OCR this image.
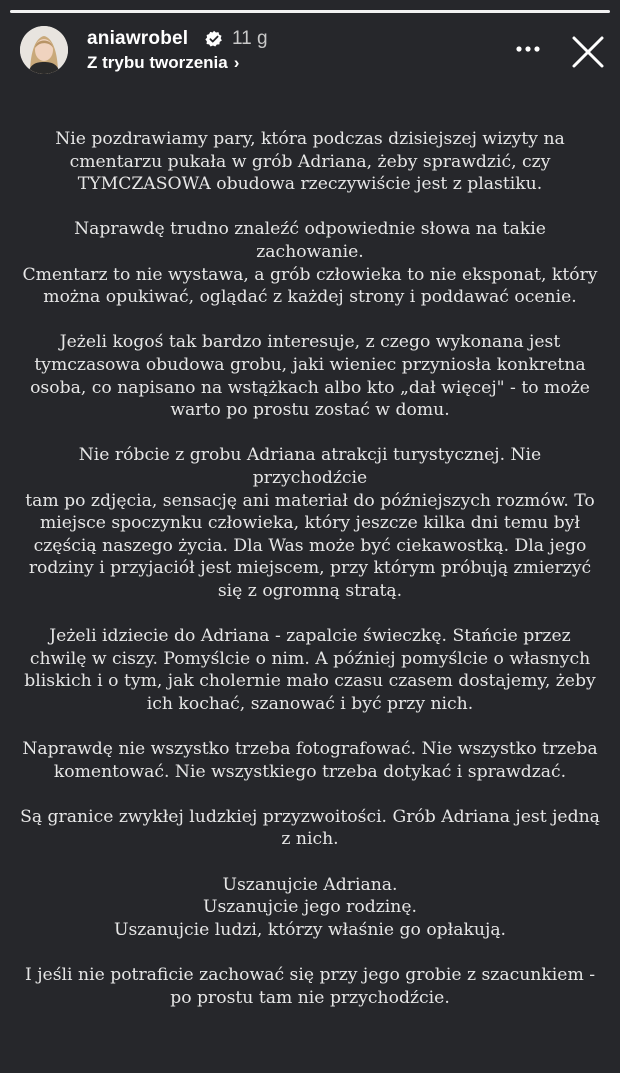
aniawrobel 11 g
Z trybu tworzenia ›

Nie pozdrawiamy pary, która podczas dzisiejszej wizyty na
cmentarzu pukała w grób Adriana, żeby sprawdzić, czy
TYMCZASOWA obudowa rzeczywiście jest z plastiku.

Naprawdę trudno znaleźć odpowiednie słowa na takie zachowanie.
Cmentarz to nie wystawa, a grób człowieka to nie eksponat, który
można opukiwać, oglądać z każdej strony i poddawać ocenie.

Jeżeli kogoś tak bardzo interesuje, z czego wykonana jest
tymczasowa obudowa grobu, jaki wieniec przyniosła konkretna
osoba, co napisano na wstążkach albo kto „dał więcej" - to może
warto po prostu zostać w domu.

Nie róbcie z grobu Adriana atrakcji turystycznej. Nie przychodźcie
tam po zdjęcia, sensację ani materiał do późniejszych rozmów. To
miejsce spoczynku człowieka, który jeszcze kilka dni temu był
częścią naszego życia. Dla Was może być ciekawostką. Dla jego
rodziny i przyjaciół jest miejscem, przy którym próbują zmierzyć
się z ogromną stratą.

Jeżeli idziecie do Adriana - zapalcie świeczkę. Stańcie przez
chwilę w ciszy. Pomyślcie o nim. A później pomyślcie o własnych
bliskich i o tym, jak cholernie mało czasu czasem dostajemy, żeby
ich kochać, szanować i być przy nich.

Naprawdę nie wszystko trzeba fotografować. Nie wszystko trzeba
komentować. Nie wszystkiego trzeba dotykać i sprawdzać.

Są granice zwykłej ludzkiej przyzwoitości. Grób Adriana jest jedną
z nich.

Uszanujcie Adriana.
Uszanujcie jego rodzinę.
Uszanujcie ludzi, którzy właśnie go opłakują.

I jeśli nie potraficie zachować się przy jego grobie z szacunkiem -
po prostu tam nie przychodźcie.
